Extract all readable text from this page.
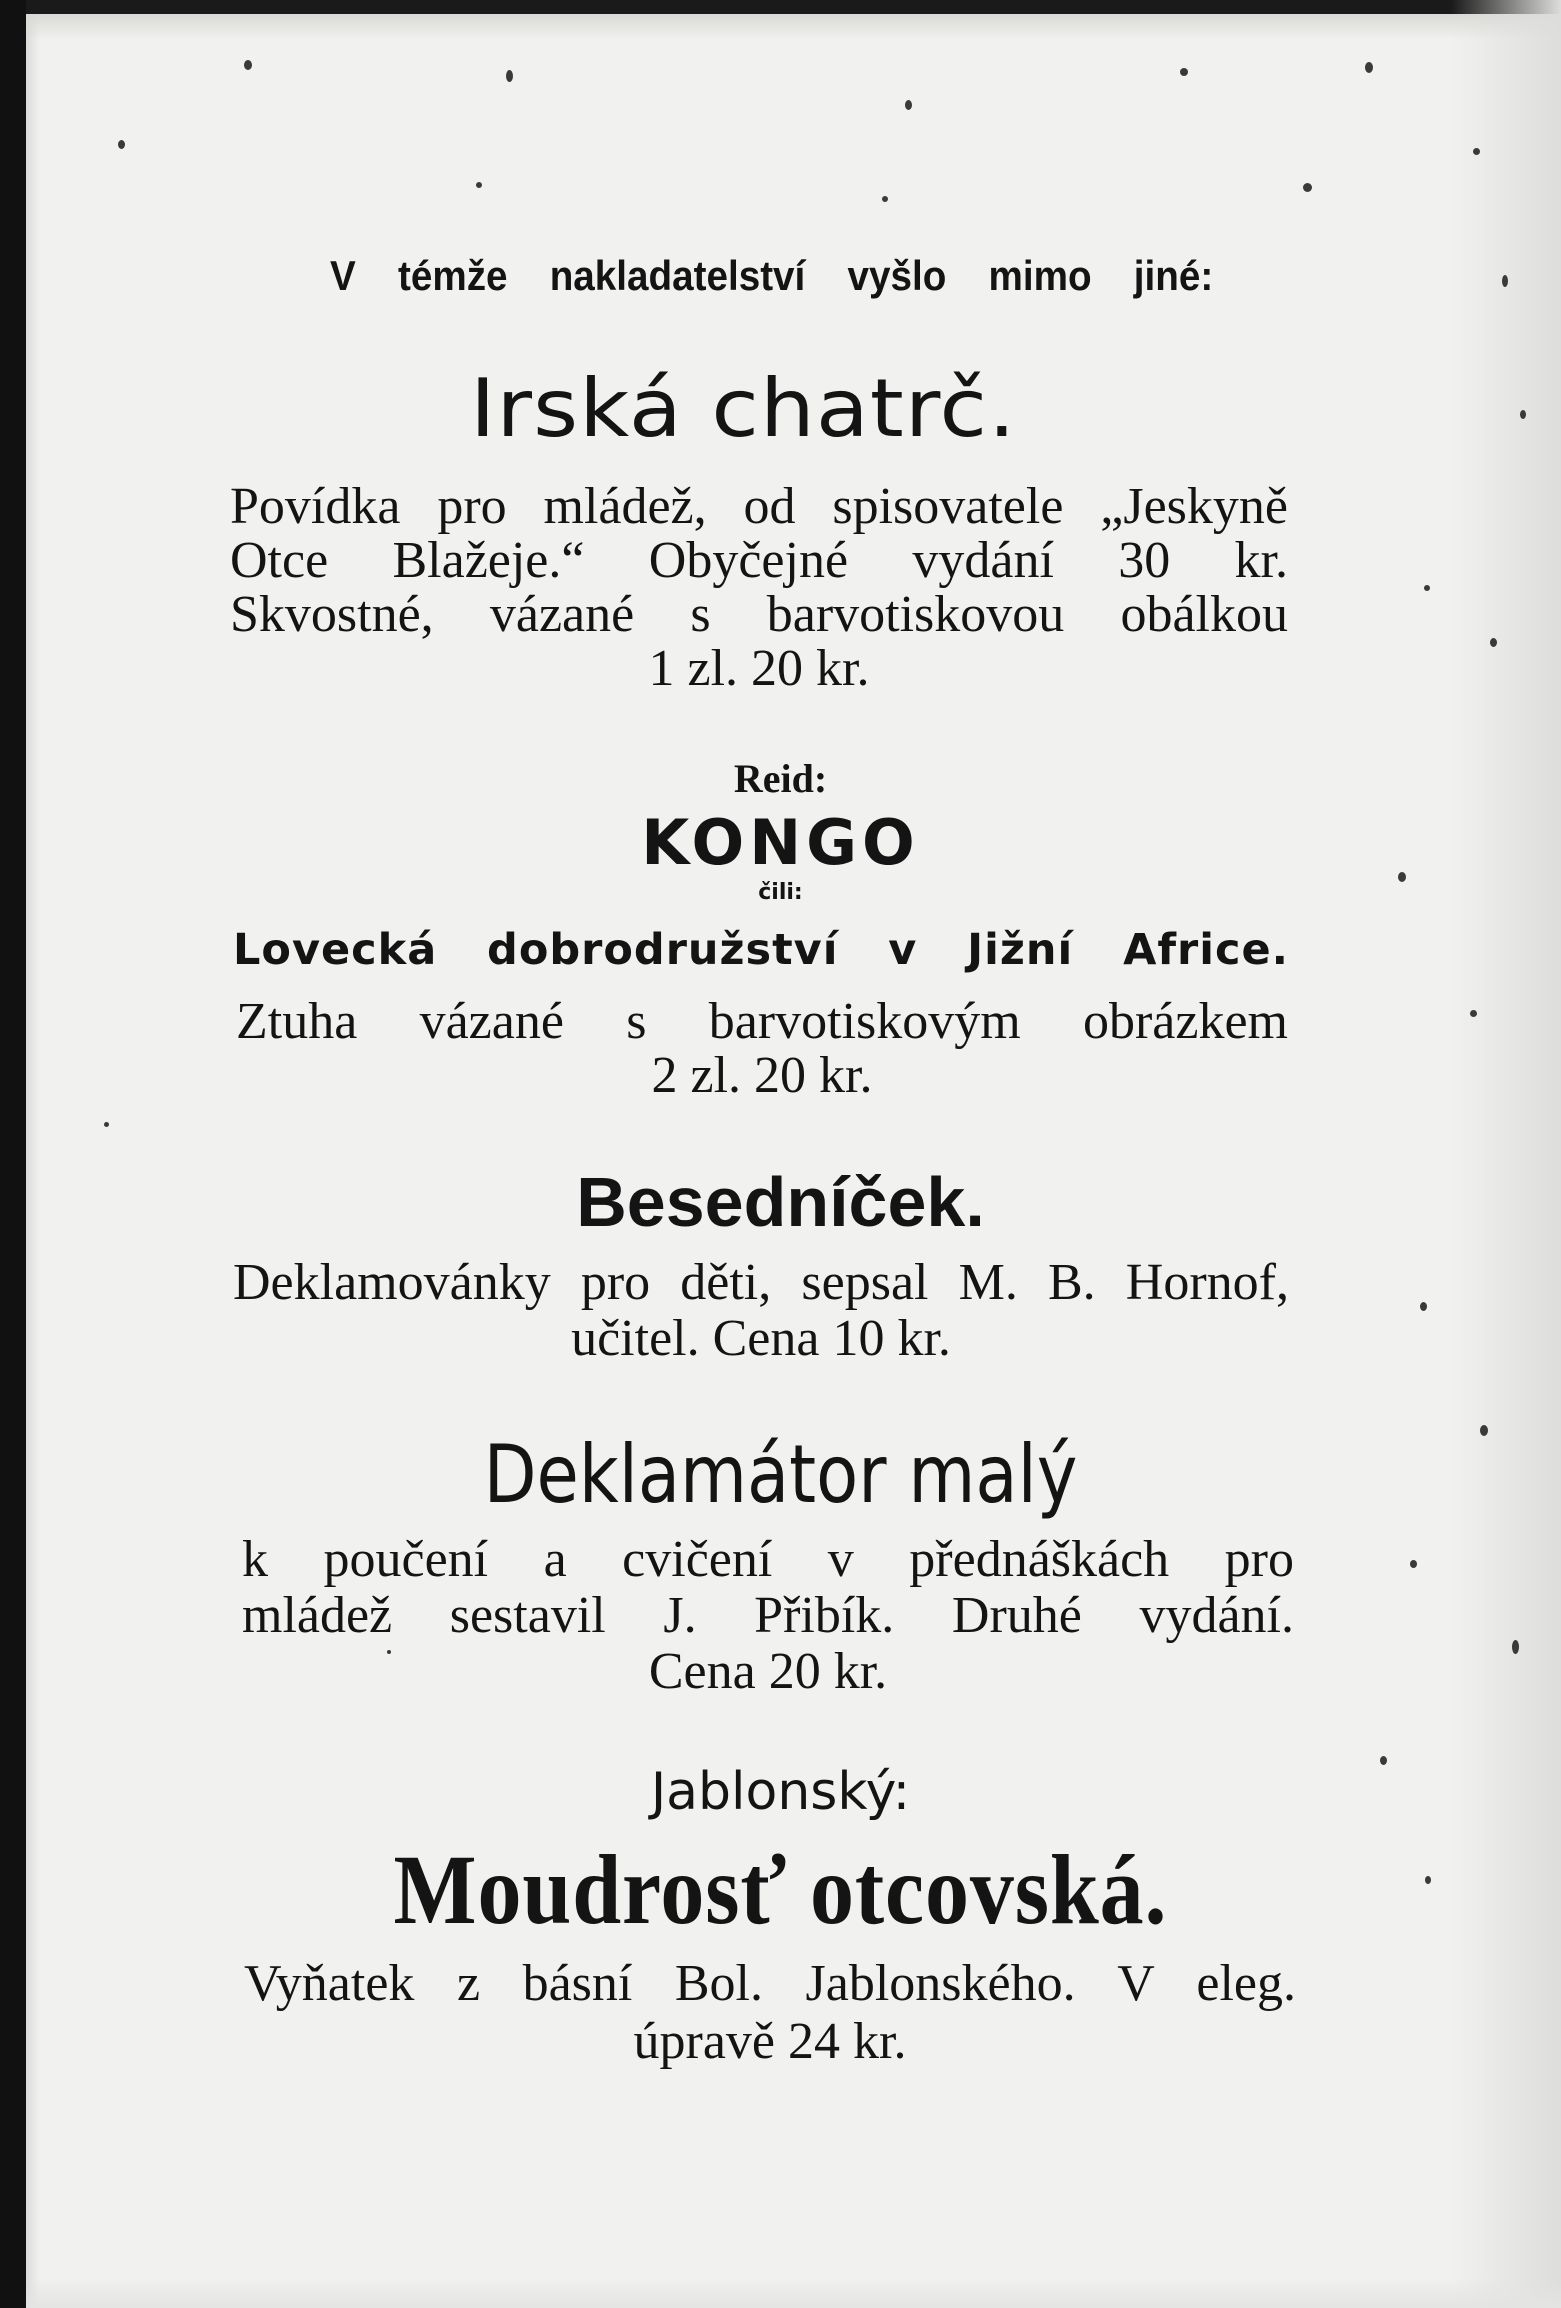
V témže nakladatelství vyšlo mimo jiné:
Irská chatrč.
Povídka pro mládež, od spisovatele „Jeskyně
Otce Blažeje.“ Obyčejné vydání 30 kr.
Skvostné, vázané s barvotiskovou obálkou
1 zl. 20 kr.
Reid:
KONGO
čili:
Lovecká dobrodružství v Jižní Africe.
Ztuha vázané s barvotiskovým obrázkem
2 zl. 20 kr.
Besedníček.
Deklamovánky pro děti, sepsal M. B. Hornof,
učitel. Cena 10 kr.
Deklamátor malý
k poučení a cvičení v přednáškách pro
mládež sestavil J. Přibík. Druhé vydání.
Cena 20 kr.
Jablonský:
Moudrosť otcovská.
Vyňatek z básní Bol. Jablonského. V eleg.
úpravě 24 kr.
